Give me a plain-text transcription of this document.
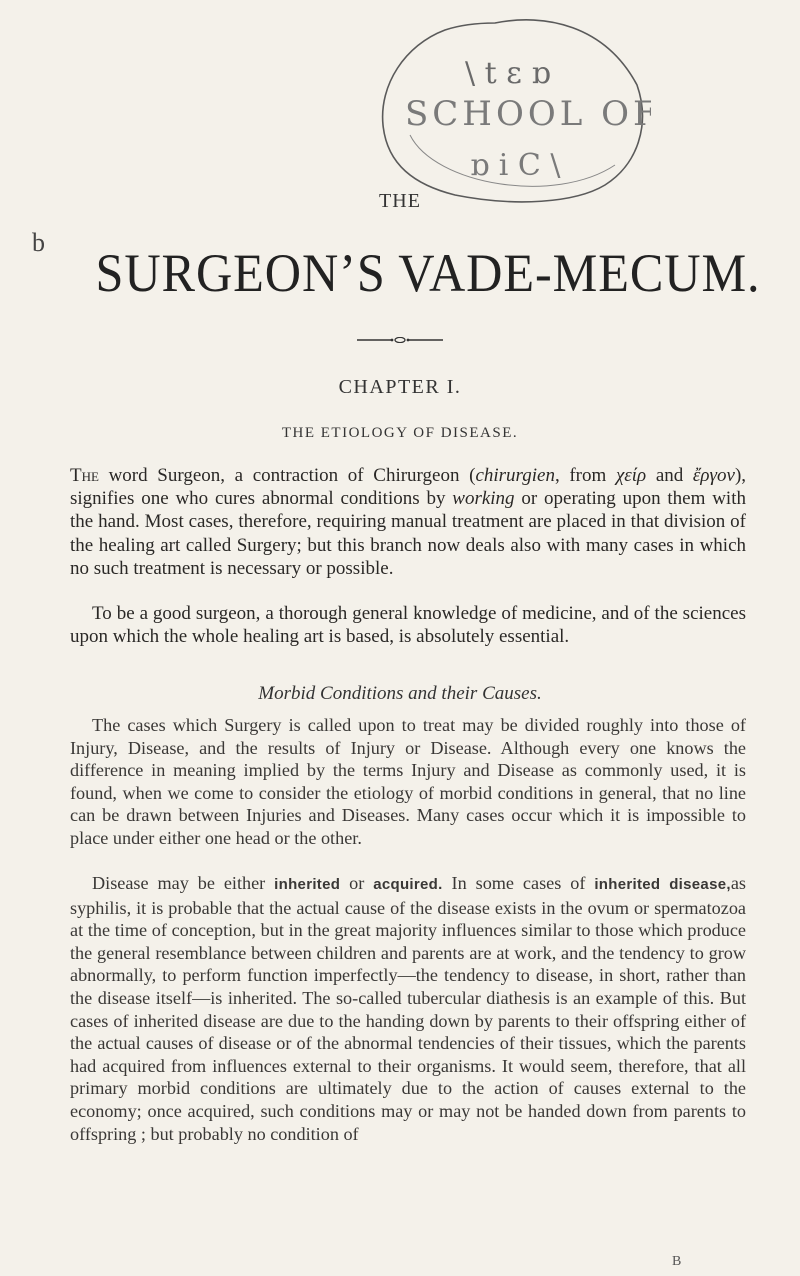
\ t ɛ ɒ
SCHOOL OF
ɒ i C \
THE
b
SURGEON’S VADE-MECUM.
CHAPTER I.
THE ETIOLOGY OF DISEASE.

The word Surgeon, a contraction of Chirurgeon (chirurgien, from χείρ and ἔργον), signifies one who cures abnormal conditions by working or operating upon them with the hand. Most cases, therefore, requiring manual treatment are placed in that division of the healing art called Surgery; but this branch now deals also with many cases in which no such treatment is necessary or possible.

To be a good surgeon, a thorough general knowledge of medicine, and of the sciences upon which the whole healing art is based, is absolutely essential.

Morbid Conditions and their Causes.

The cases which Surgery is called upon to treat may be divided roughly into those of Injury, Disease, and the results of Injury or Disease. Although every one knows the difference in meaning implied by the terms Injury and Disease as commonly used, it is found, when we come to consider the etiology of morbid conditions in general, that no line can be drawn between Injuries and Diseases. Many cases occur which it is impossible to place under either one head or the other.

Disease may be either inherited or acquired. In some cases of inherited disease,as syphilis, it is probable that the actual cause of the disease exists in the ovum or spermatozoa at the time of conception, but in the great majority influences similar to those which produce the general resemblance between children and parents are at work, and the tendency to grow abnormally, to perform function imperfectly—the tendency to disease, in short, rather than the disease itself—is inherited. The so-called tubercular diathesis is an example of this. But cases of inherited disease are due to the handing down by parents to their offspring either of the actual causes of disease or of the abnormal tendencies of their tissues, which the parents had acquired from influences external to their organisms. It would seem, therefore, that all primary morbid conditions are ultimately due to the action of causes external to the economy; once acquired, such conditions may or may not be handed down from parents to offspring ; but probably no condition of

B
